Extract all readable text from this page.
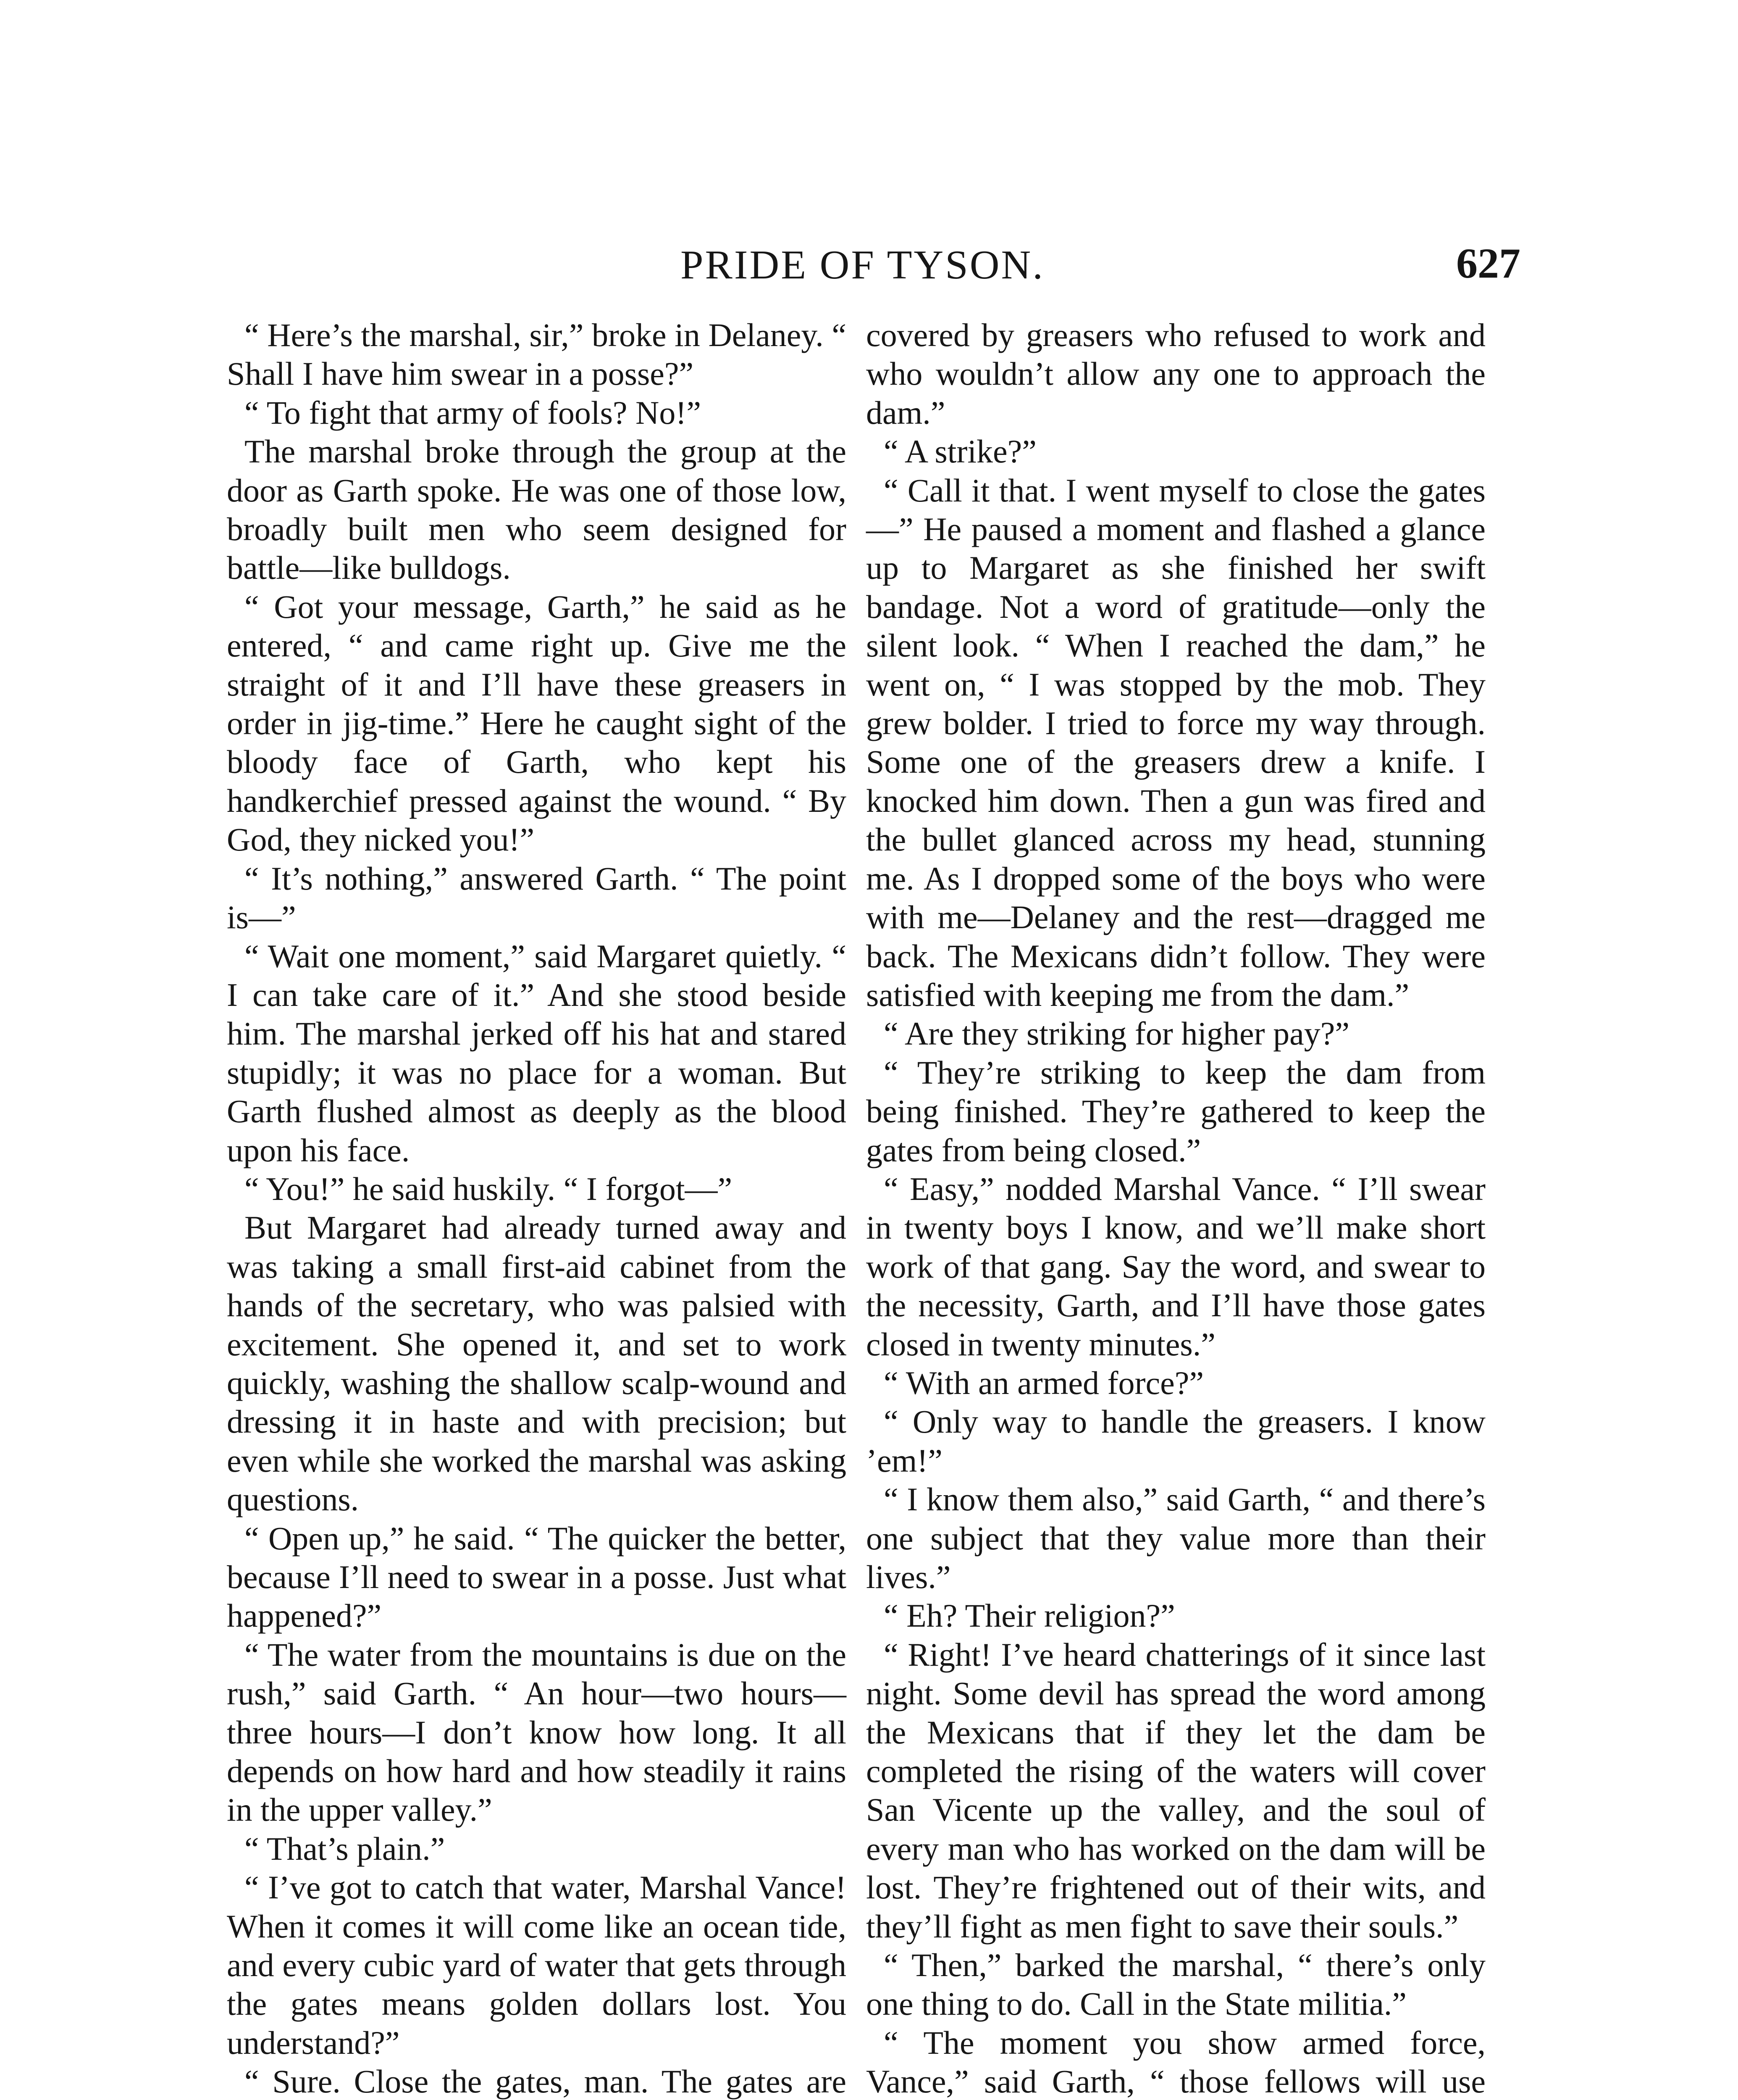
PRIDE OF TYSON.	627

“ Here’s the marshal, sir,” broke in Delaney. “ Shall I have him swear in a posse?”

“ To fight that army of fools? No!”

The marshal broke through the group at the door as Garth spoke. He was one of those low, broadly built men who seem designed for battle—like bulldogs.

“ Got your message, Garth,” he said as he entered, “ and came right up. Give me the straight of it and I’ll have these greasers in order in jig-time.” Here he caught sight of the bloody face of Garth, who kept his handkerchief pressed against the wound. “ By God, they nicked you!”

“ It’s nothing,” answered Garth. “ The point is—”

“ Wait one moment,” said Margaret quietly. “ I can take care of it.” And she stood beside him. The marshal jerked off his hat and stared stupidly; it was no place for a woman. But Garth flushed almost as deeply as the blood upon his face.

“ You!” he said huskily. “ I forgot—”

But Margaret had already turned away and was taking a small first-aid cabinet from the hands of the secretary, who was palsied with excitement. She opened it, and set to work quickly, washing the shallow scalp-wound and dressing it in haste and with precision; but even while she worked the marshal was asking questions.

“ Open up,” he said. “ The quicker the better, because I’ll need to swear in a posse. Just what happened?”

“ The water from the mountains is due on the rush,” said Garth. “ An hour—two hours—three hours—I don’t know how long. It all depends on how hard and how steadily it rains in the upper valley.”

“ That’s plain.”

“ I’ve got to catch that water, Marshal Vance! When it comes it will come like an ocean tide, and every cubic yard of water that gets through the gates means golden dollars lost. You understand?”

“ Sure. Close the gates, man. The gates are

covered by greasers who refused to work and who wouldn’t allow any one to approach the dam.”

“ A strike?”

“ Call it that. I went myself to close the gates—” He paused a moment and flashed a glance up to Margaret as she finished her swift bandage. Not a word of gratitude—only the silent look. “ When I reached the dam,” he went on, “ I was stopped by the mob. They grew bolder. I tried to force my way through. Some one of the greasers drew a knife. I knocked him down. Then a gun was fired and the bullet glanced across my head, stunning me. As I dropped some of the boys who were with me—Delaney and the rest—dragged me back. The Mexicans didn’t follow. They were satisfied with keeping me from the dam.”

“ Are they striking for higher pay?”

“ They’re striking to keep the dam from being finished. They’re gathered to keep the gates from being closed.”

“ Easy,” nodded Marshal Vance. “ I’ll swear in twenty boys I know, and we’ll make short work of that gang. Say the word, and swear to the necessity, Garth, and I’ll have those gates closed in twenty minutes.”

“ With an armed force?”

“ Only way to handle the greasers. I know ’em!”

“ I know them also,” said Garth, “ and there’s one subject that they value more than their lives.”

“ Eh? Their religion?”

“ Right! I’ve heard chatterings of it since last night. Some devil has spread the word among the Mexicans that if they let the dam be completed the rising of the waters will cover San Vicente up the valley, and the soul of every man who has worked on the dam will be lost. They’re frightened out of their wits, and they’ll fight as men fight to save their souls.”

“ Then,” barked the marshal, “ there’s only one thing to do. Call in the State militia.”

“ The moment you show armed force, Vance,” said Garth, “ those fellows will use
